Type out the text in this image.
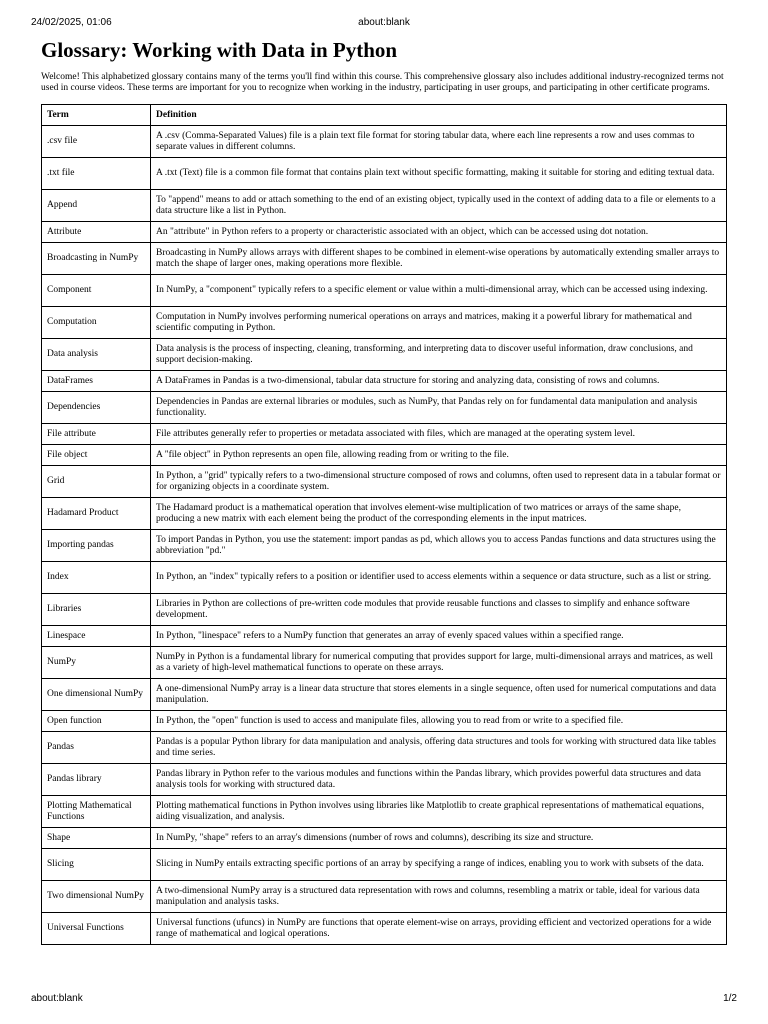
24/02/2025, 01:06	about:blank
Glossary: Working with Data in Python

Welcome! This alphabetized glossary contains many of the terms you'll find within this course. This comprehensive glossary also includes additional industry-recognized terms not used in course videos. These terms are important for you to recognize when working in the industry, participating in user groups, and participating in other certificate programs.

Term	Definition
.csv file	A .csv (Comma-Separated Values) file is a plain text file format for storing tabular data, where each line represents a row and uses commas to separate values in different columns.
.txt file	A .txt (Text) file is a common file format that contains plain text without specific formatting, making it suitable for storing and editing textual data.
Append	To "append" means to add or attach something to the end of an existing object, typically used in the context of adding data to a file or elements to a data structure like a list in Python.
Attribute	An "attribute" in Python refers to a property or characteristic associated with an object, which can be accessed using dot notation.
Broadcasting in NumPy	Broadcasting in NumPy allows arrays with different shapes to be combined in element-wise operations by automatically extending smaller arrays to match the shape of larger ones, making operations more flexible.
Component	In NumPy, a "component" typically refers to a specific element or value within a multi-dimensional array, which can be accessed using indexing.
Computation	Computation in NumPy involves performing numerical operations on arrays and matrices, making it a powerful library for mathematical and scientific computing in Python.
Data analysis	Data analysis is the process of inspecting, cleaning, transforming, and interpreting data to discover useful information, draw conclusions, and support decision-making.
DataFrames	A DataFrames in Pandas is a two-dimensional, tabular data structure for storing and analyzing data, consisting of rows and columns.
Dependencies	Dependencies in Pandas are external libraries or modules, such as NumPy, that Pandas rely on for fundamental data manipulation and analysis functionality.
File attribute	File attributes generally refer to properties or metadata associated with files, which are managed at the operating system level.
File object	A "file object" in Python represents an open file, allowing reading from or writing to the file.
Grid	In Python, a "grid" typically refers to a two-dimensional structure composed of rows and columns, often used to represent data in a tabular format or for organizing objects in a coordinate system.
Hadamard Product	The Hadamard product is a mathematical operation that involves element-wise multiplication of two matrices or arrays of the same shape, producing a new matrix with each element being the product of the corresponding elements in the input matrices.
Importing pandas	To import Pandas in Python, you use the statement: import pandas as pd, which allows you to access Pandas functions and data structures using the abbreviation "pd."
Index	In Python, an "index" typically refers to a position or identifier used to access elements within a sequence or data structure, such as a list or string.
Libraries	Libraries in Python are collections of pre-written code modules that provide reusable functions and classes to simplify and enhance software development.
Linespace	In Python, "linespace" refers to a NumPy function that generates an array of evenly spaced values within a specified range.
NumPy	NumPy in Python is a fundamental library for numerical computing that provides support for large, multi-dimensional arrays and matrices, as well as a variety of high-level mathematical functions to operate on these arrays.
One dimensional NumPy	A one-dimensional NumPy array is a linear data structure that stores elements in a single sequence, often used for numerical computations and data manipulation.
Open function	In Python, the "open" function is used to access and manipulate files, allowing you to read from or write to a specified file.
Pandas	Pandas is a popular Python library for data manipulation and analysis, offering data structures and tools for working with structured data like tables and time series.
Pandas library	Pandas library in Python refer to the various modules and functions within the Pandas library, which provides powerful data structures and data analysis tools for working with structured data.
Plotting Mathematical Functions	Plotting mathematical functions in Python involves using libraries like Matplotlib to create graphical representations of mathematical equations, aiding visualization, and analysis.
Shape	In NumPy, "shape" refers to an array's dimensions (number of rows and columns), describing its size and structure.
Slicing	Slicing in NumPy entails extracting specific portions of an array by specifying a range of indices, enabling you to work with subsets of the data.
Two dimensional NumPy	A two-dimensional NumPy array is a structured data representation with rows and columns, resembling a matrix or table, ideal for various data manipulation and analysis tasks.
Universal Functions	Universal functions (ufuncs) in NumPy are functions that operate element-wise on arrays, providing efficient and vectorized operations for a wide range of mathematical and logical operations.
about:blank	1/2
